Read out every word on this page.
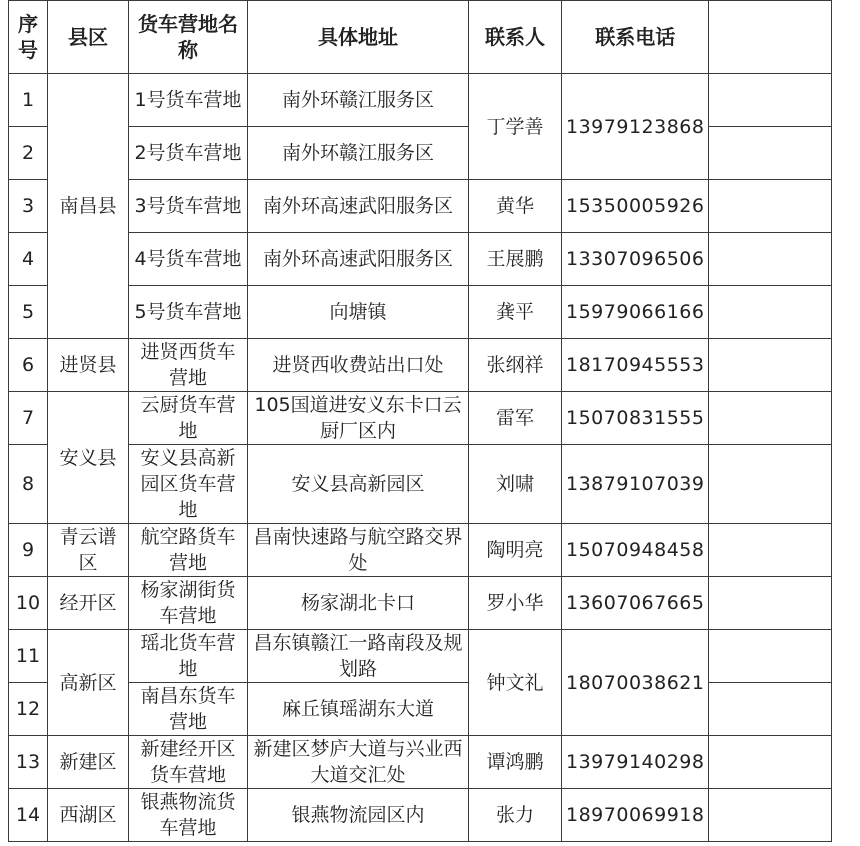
序号	县区	货车营地名称	具体地址	联系人	联系电话	
1	南昌县	1号货车营地	南外环赣江服务区	丁学善	13979123868	
2		2号货车营地	南外环赣江服务区			
3		3号货车营地	南外环高速武阳服务区	黄华	15350005926	
4		4号货车营地	南外环高速武阳服务区	王展鹏	13307096506	
5		5号货车营地	向塘镇	龚平	15979066166	
6	进贤县	进贤西货车营地	进贤西收费站出口处	张纲祥	18170945553	
7	安义县	云厨货车营地	105国道进安义东卡口云厨厂区内	雷军	15070831555	
8		安义县高新园区货车营地	安义县高新园区	刘啸	13879107039	
9	青云谱区	航空路货车营地	昌南快速路与航空路交界处	陶明亮	15070948458	
10	经开区	杨家湖街货车营地	杨家湖北卡口	罗小华	13607067665	
11	高新区	瑶北货车营地	昌东镇赣江一路南段及规划路	钟文礼	18070038621	
12		南昌东货车营地	麻丘镇瑶湖东大道			
13	新建区	新建经开区货车营地	新建区梦庐大道与兴业西大道交汇处	谭鸿鹏	13979140298	
14	西湖区	银燕物流货车营地	银燕物流园区内	张力	18970069918	
